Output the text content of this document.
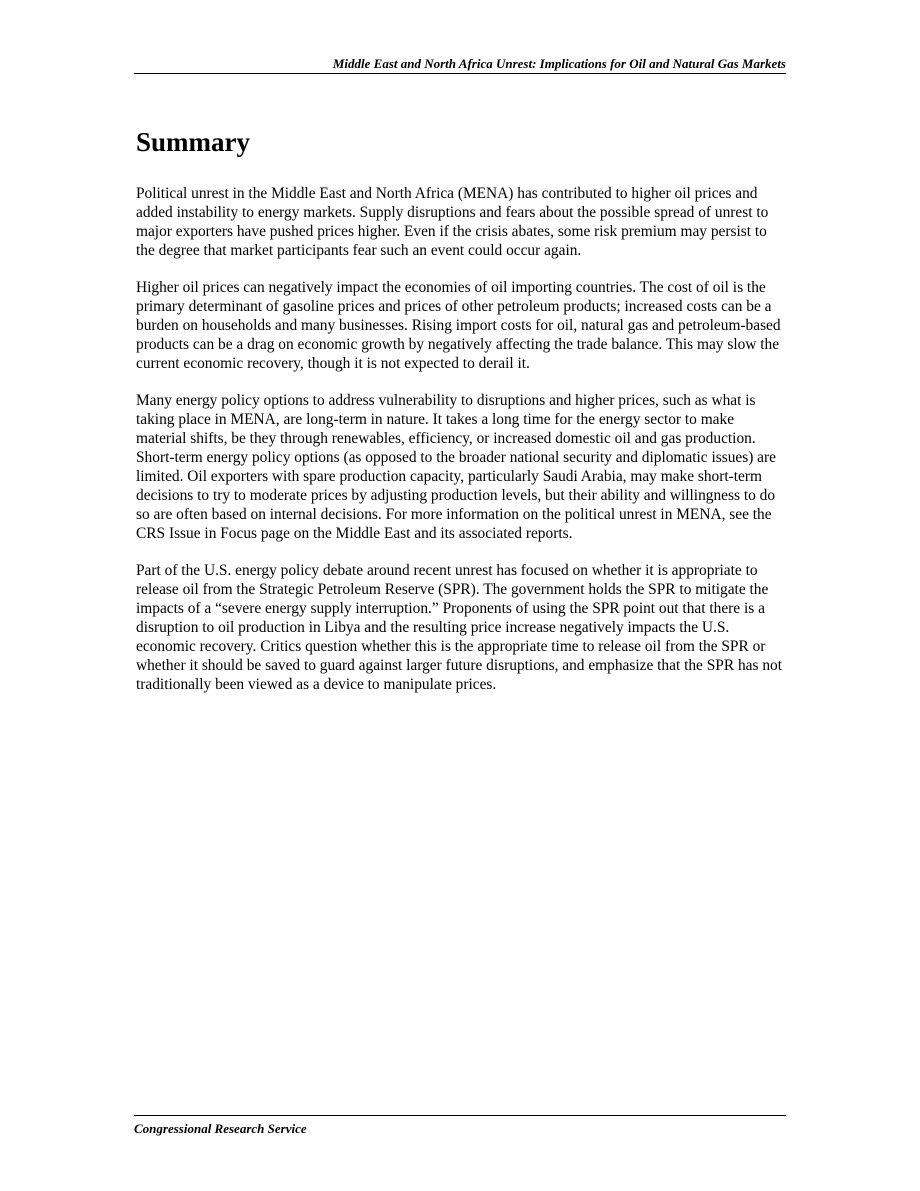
Middle East and North Africa Unrest: Implications for Oil and Natural Gas Markets
Summary

Political unrest in the Middle East and North Africa (MENA) has contributed to higher oil prices and added instability to energy markets. Supply disruptions and fears about the possible spread of unrest to major exporters have pushed prices higher. Even if the crisis abates, some risk premium may persist to the degree that market participants fear such an event could occur again.

Higher oil prices can negatively impact the economies of oil importing countries. The cost of oil is the primary determinant of gasoline prices and prices of other petroleum products; increased costs can be a burden on households and many businesses. Rising import costs for oil, natural gas and petroleum-based products can be a drag on economic growth by negatively affecting the trade balance. This may slow the current economic recovery, though it is not expected to derail it.

Many energy policy options to address vulnerability to disruptions and higher prices, such as what is taking place in MENA, are long-term in nature. It takes a long time for the energy sector to make material shifts, be they through renewables, efficiency, or increased domestic oil and gas production. Short-term energy policy options (as opposed to the broader national security and diplomatic issues) are limited. Oil exporters with spare production capacity, particularly Saudi Arabia, may make short-term decisions to try to moderate prices by adjusting production levels, but their ability and willingness to do so are often based on internal decisions. For more information on the political unrest in MENA, see the CRS Issue in Focus page on the Middle East and its associated reports.

Part of the U.S. energy policy debate around recent unrest has focused on whether it is appropriate to release oil from the Strategic Petroleum Reserve (SPR). The government holds the SPR to mitigate the impacts of a “severe energy supply interruption.” Proponents of using the SPR point out that there is a disruption to oil production in Libya and the resulting price increase negatively impacts the U.S. economic recovery. Critics question whether this is the appropriate time to release oil from the SPR or whether it should be saved to guard against larger future disruptions, and emphasize that the SPR has not traditionally been viewed as a device to manipulate prices.

Congressional Research Service
